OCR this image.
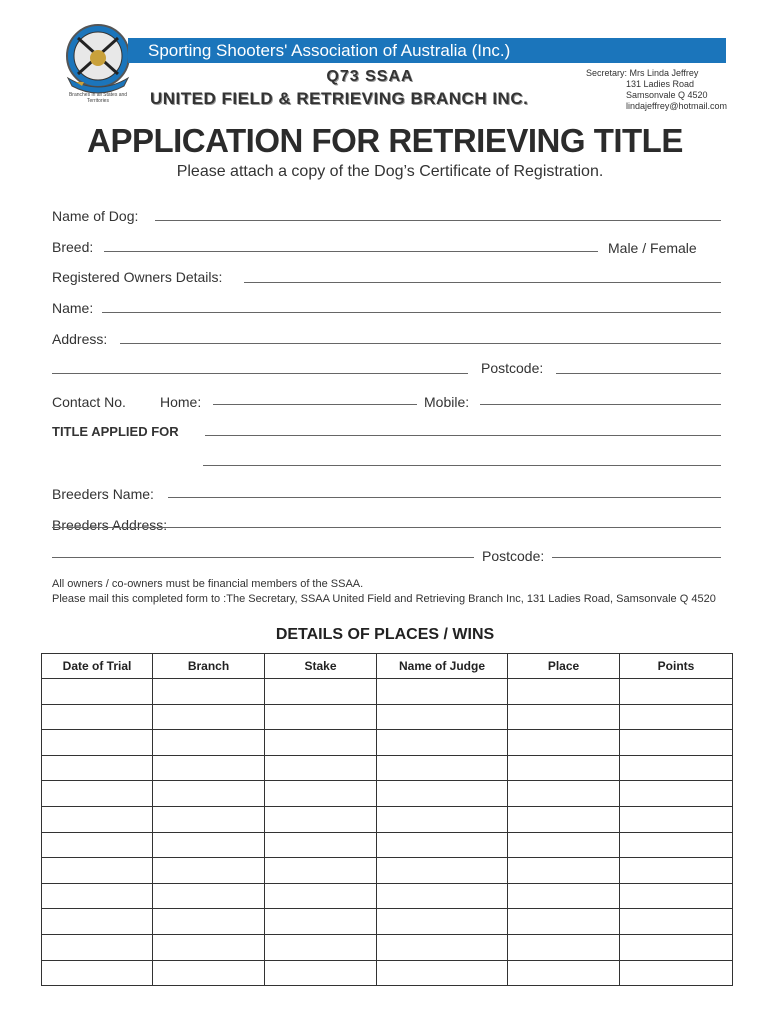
Branches in all States and Territories
Sporting Shooters' Association of Australia (Inc.)
Q73 SSAA
UNITED FIELD & RETRIEVING BRANCH INC.
Secretary: Mrs Linda Jeffrey
131 Ladies Road
Samsonvale Q 4520
lindajeffrey@hotmail.com
APPLICATION FOR RETRIEVING TITLE
Please attach a copy of the Dog’s Certificate of Registration.
Name of Dog:
Breed:	Male / Female
Registered Owners Details:
Name:
Address:
Postcode:
Contact No. Home:	Mobile:
TITLE APPLIED FOR
Breeders Name:
Breeders Address:
Postcode:
All owners / co-owners must be financial members of the SSAA.
Please mail this completed form to :The Secretary, SSAA United Field and Retrieving Branch Inc, 131 Ladies Road, Samsonvale Q 4520
DETAILS OF PLACES / WINS
Date of Trial	Branch	Stake	Name of Judge	Place	Points
